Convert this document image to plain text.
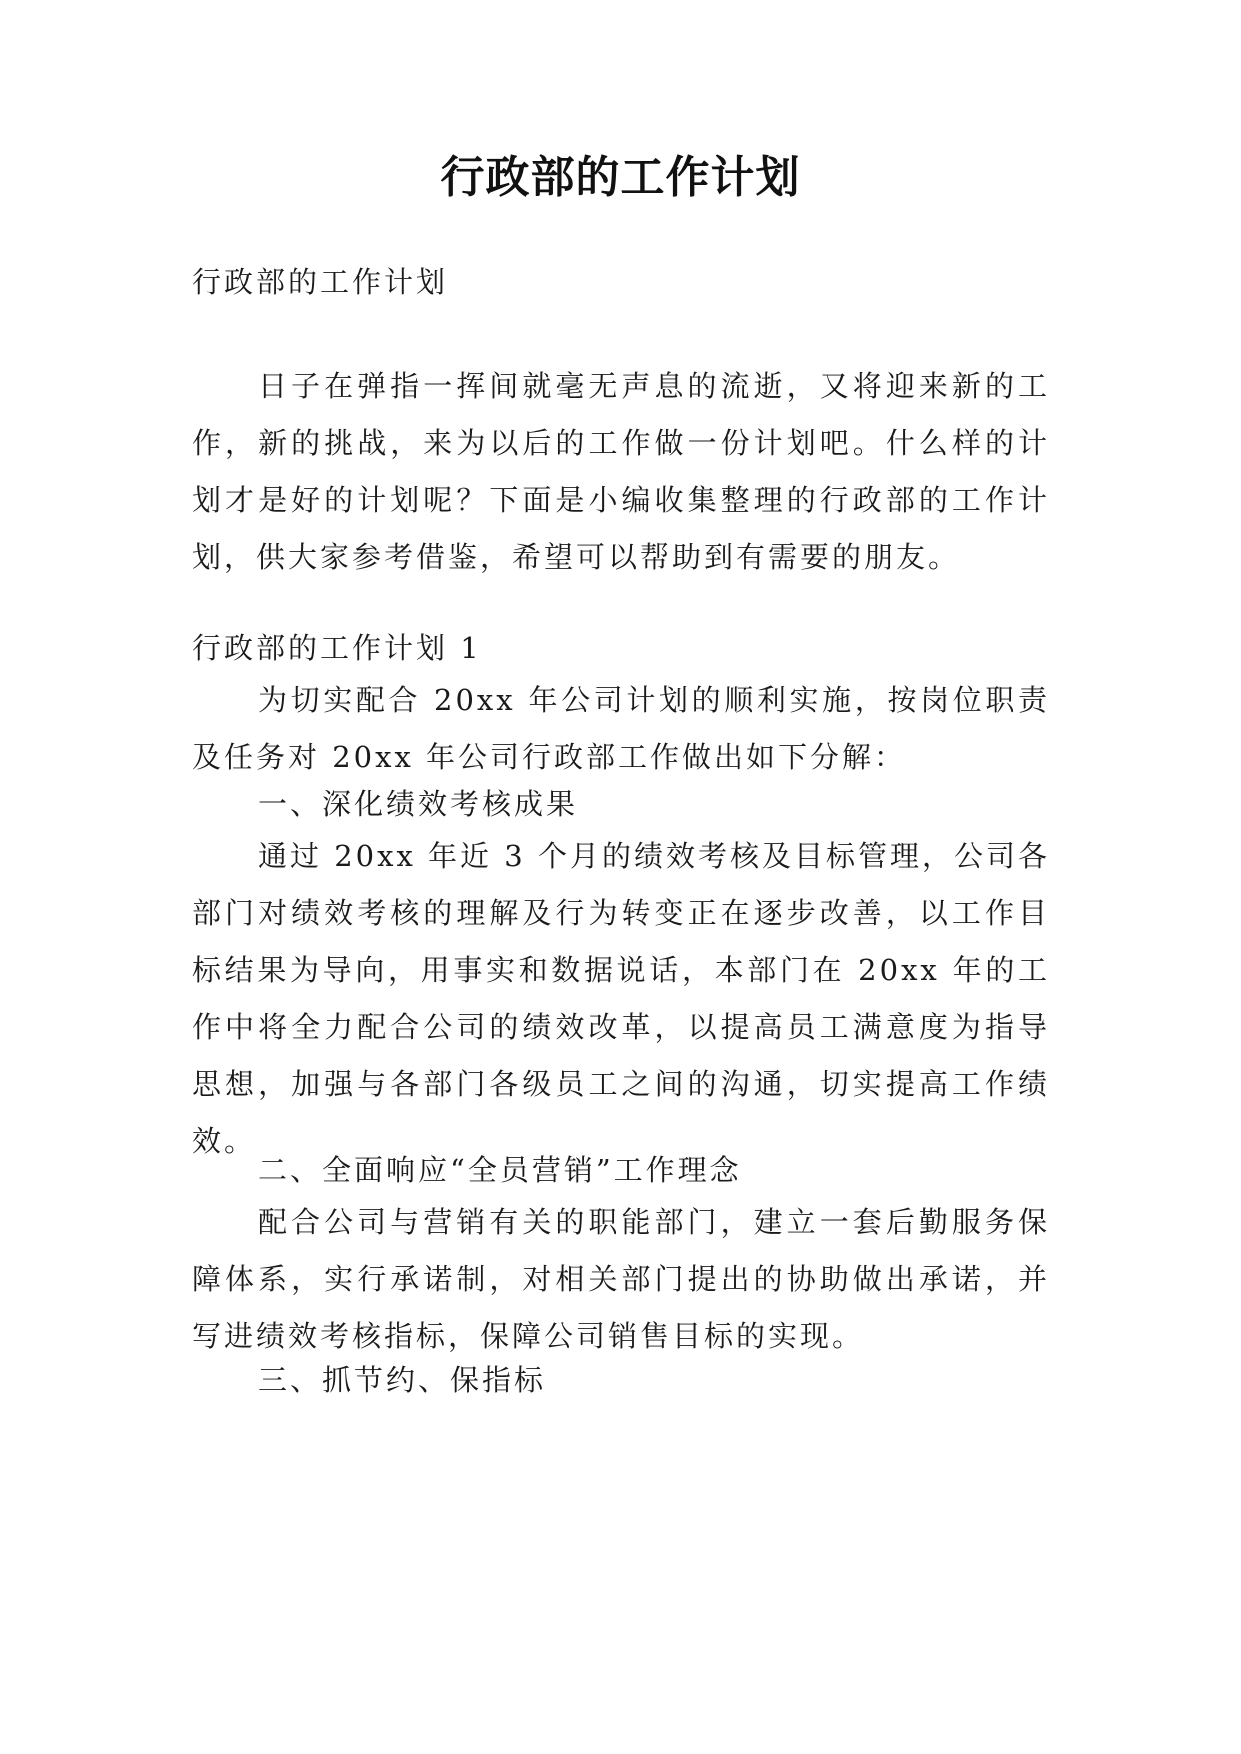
行政部的工作计划

行政部的工作计划

日子在弹指一挥间就毫无声息的流逝，又将迎来新的工作，新的挑战，来为以后的工作做一份计划吧。什么样的计划才是好的计划呢？下面是小编收集整理的行政部的工作计划，供大家参考借鉴，希望可以帮助到有需要的朋友。

行政部的工作计划 1

为切实配合 20xx 年公司计划的顺利实施，按岗位职责及任务对 20xx 年公司行政部工作做出如下分解：

一、深化绩效考核成果

通过 20xx 年近 3 个月的绩效考核及目标管理，公司各部门对绩效考核的理解及行为转变正在逐步改善，以工作目标结果为导向，用事实和数据说话，本部门在 20xx 年的工作中将全力配合公司的绩效改革，以提高员工满意度为指导思想，加强与各部门各级员工之间的沟通，切实提高工作绩效。

二、全面响应“全员营销”工作理念

配合公司与营销有关的职能部门，建立一套后勤服务保障体系，实行承诺制，对相关部门提出的协助做出承诺，并写进绩效考核指标，保障公司销售目标的实现。

三、抓节约、保指标
